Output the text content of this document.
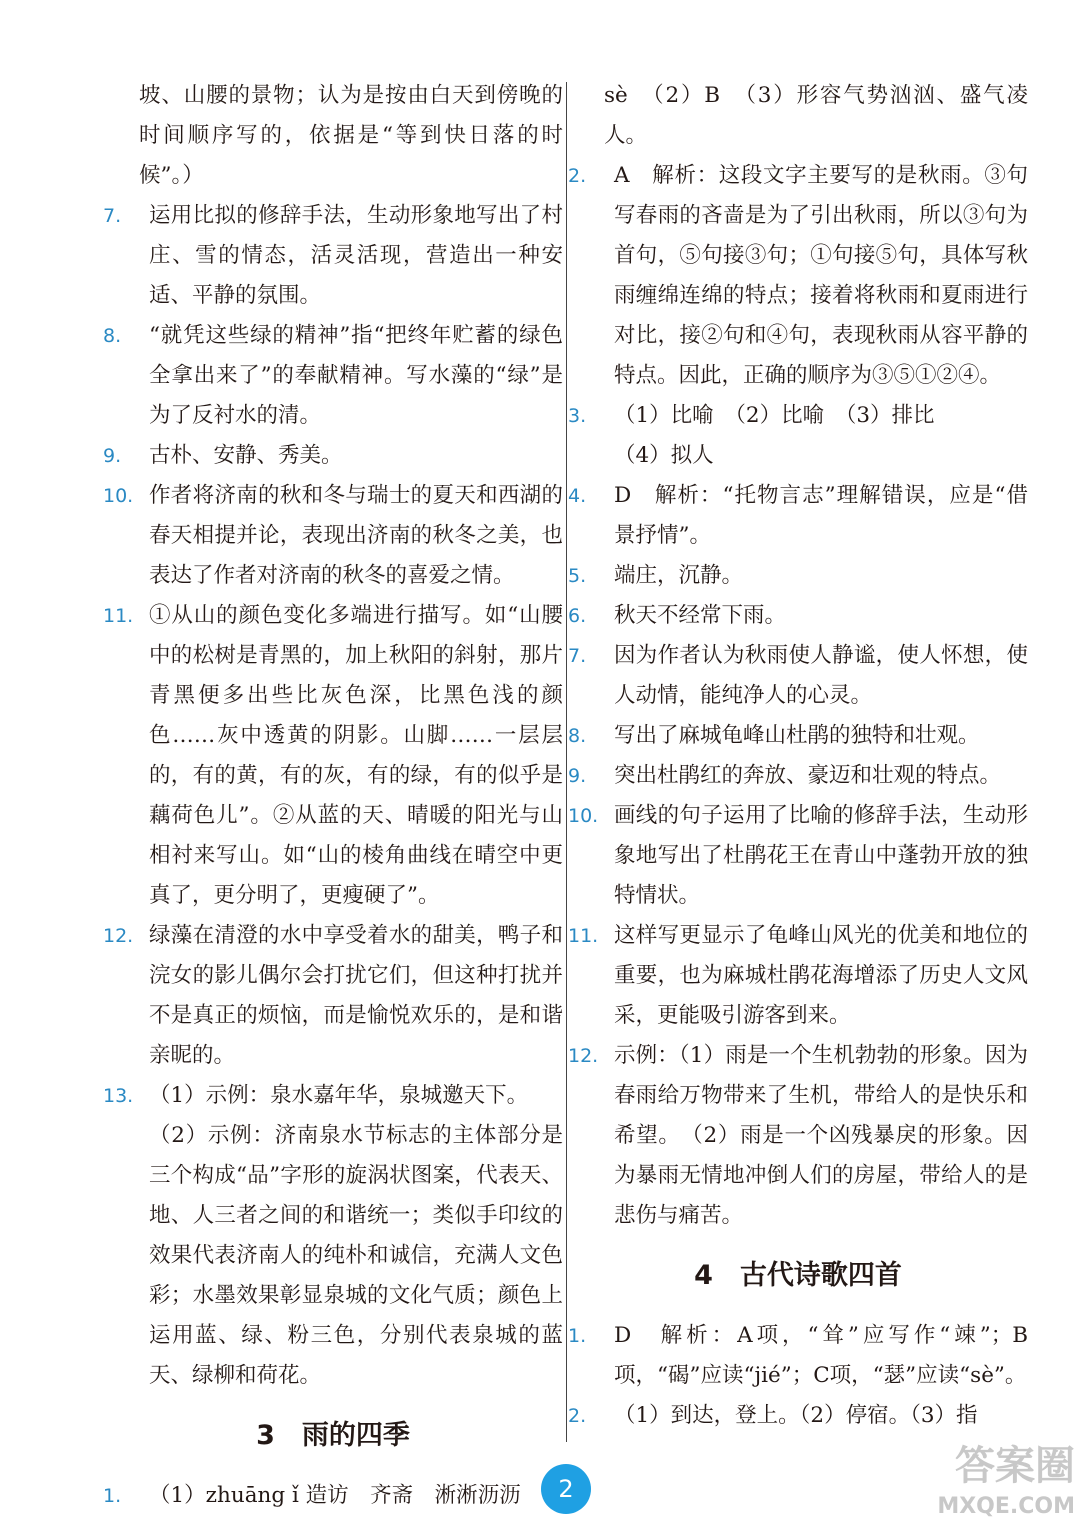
坡、山腰的景物；认为是按由白天到傍晚的时间顺序写的，依据是“等到快日落的时候”。）
7. 运用比拟的修辞手法，生动形象地写出了村庄、雪的情态，活灵活现，营造出一种安适、平静的氛围。
8. “就凭这些绿的精神”指“把终年贮蓄的绿色全拿出来了”的奉献精神。写水藻的“绿”是为了反衬水的清。
9. 古朴、安静、秀美。
10. 作者将济南的秋和冬与瑞士的夏天和西湖的春天相提并论，表现出济南的秋冬之美，也表达了作者对济南的秋冬的喜爱之情。
11. ①从山的颜色变化多端进行描写。如“山腰中的松树是青黑的，加上秋阳的斜射，那片青黑便多出些比灰色深，比黑色浅的颜色……灰中透黄的阴影。山脚……一层层的，有的黄，有的灰，有的绿，有的似乎是藕荷色儿”。②从蓝的天、晴暖的阳光与山相衬来写山。如“山的棱角曲线在晴空中更真了，更分明了，更瘦硬了”。
12. 绿藻在清澄的水中享受着水的甜美，鸭子和浣女的影儿偶尔会打扰它们，但这种打扰并不是真正的烦恼，而是愉悦欢乐的，是和谐亲昵的。
13. （1）示例：泉水嘉年华，泉城邀天下。
（2）示例：济南泉水节标志的主体部分是三个构成“品”字形的旋涡状图案，代表天、地、人三者之间的和谐统一；类似手印纹的效果代表济南人的纯朴和诚信，充满人文色彩；水墨效果彰显泉城的文化气质；颜色上运用蓝、绿、粉三色，分别代表泉城的蓝天、绿柳和荷花。
3　雨的四季
1. （1）zhuāng ǐ 造访　齐斋　淅淅沥沥
sè　（2）B　（3）形容气势汹汹、盛气凌人。
2. A　解析：这段文字主要写的是秋雨。③句写春雨的吝啬是为了引出秋雨，所以③句为首句，⑤句接③句；①句接⑤句，具体写秋雨缠绵连绵的特点；接着将秋雨和夏雨进行对比，接②句和④句，表现秋雨从容平静的特点。因此，正确的顺序为③⑤①②④。
3. （1）比喻　（2）比喻　（3）排比
（4）拟人
4. D　解析：“托物言志”理解错误，应是“借景抒情”。
5. 端庄，沉静。
6. 秋天不经常下雨。
7. 因为作者认为秋雨使人静谧，使人怀想，使人动情，能纯净人的心灵。
8. 写出了麻城龟峰山杜鹃的独特和壮观。
9. 突出杜鹃红的奔放、豪迈和壮观的特点。
10. 画线的句子运用了比喻的修辞手法，生动形象地写出了杜鹃花王在青山中蓬勃开放的独特情状。
11. 这样写更显示了龟峰山风光的优美和地位的重要，也为麻城杜鹃花海增添了历史人文风采，更能吸引游客到来。
12. 示例：（1）雨是一个生机勃勃的形象。因为春雨给万物带来了生机，带给人的是快乐和希望。　（2）雨是一个凶残暴戾的形象。因为暴雨无情地冲倒人们的房屋，带给人的是悲伤与痛苦。
4　古代诗歌四首
1. D　解析：A项，“耸”应写作“竦”；B项，“碣”应读“jié”；C项，“瑟”应读“sè”。
2. （1）到达，登上。（2）停宿。（3）指
2	答案圈
MXQE.COM
